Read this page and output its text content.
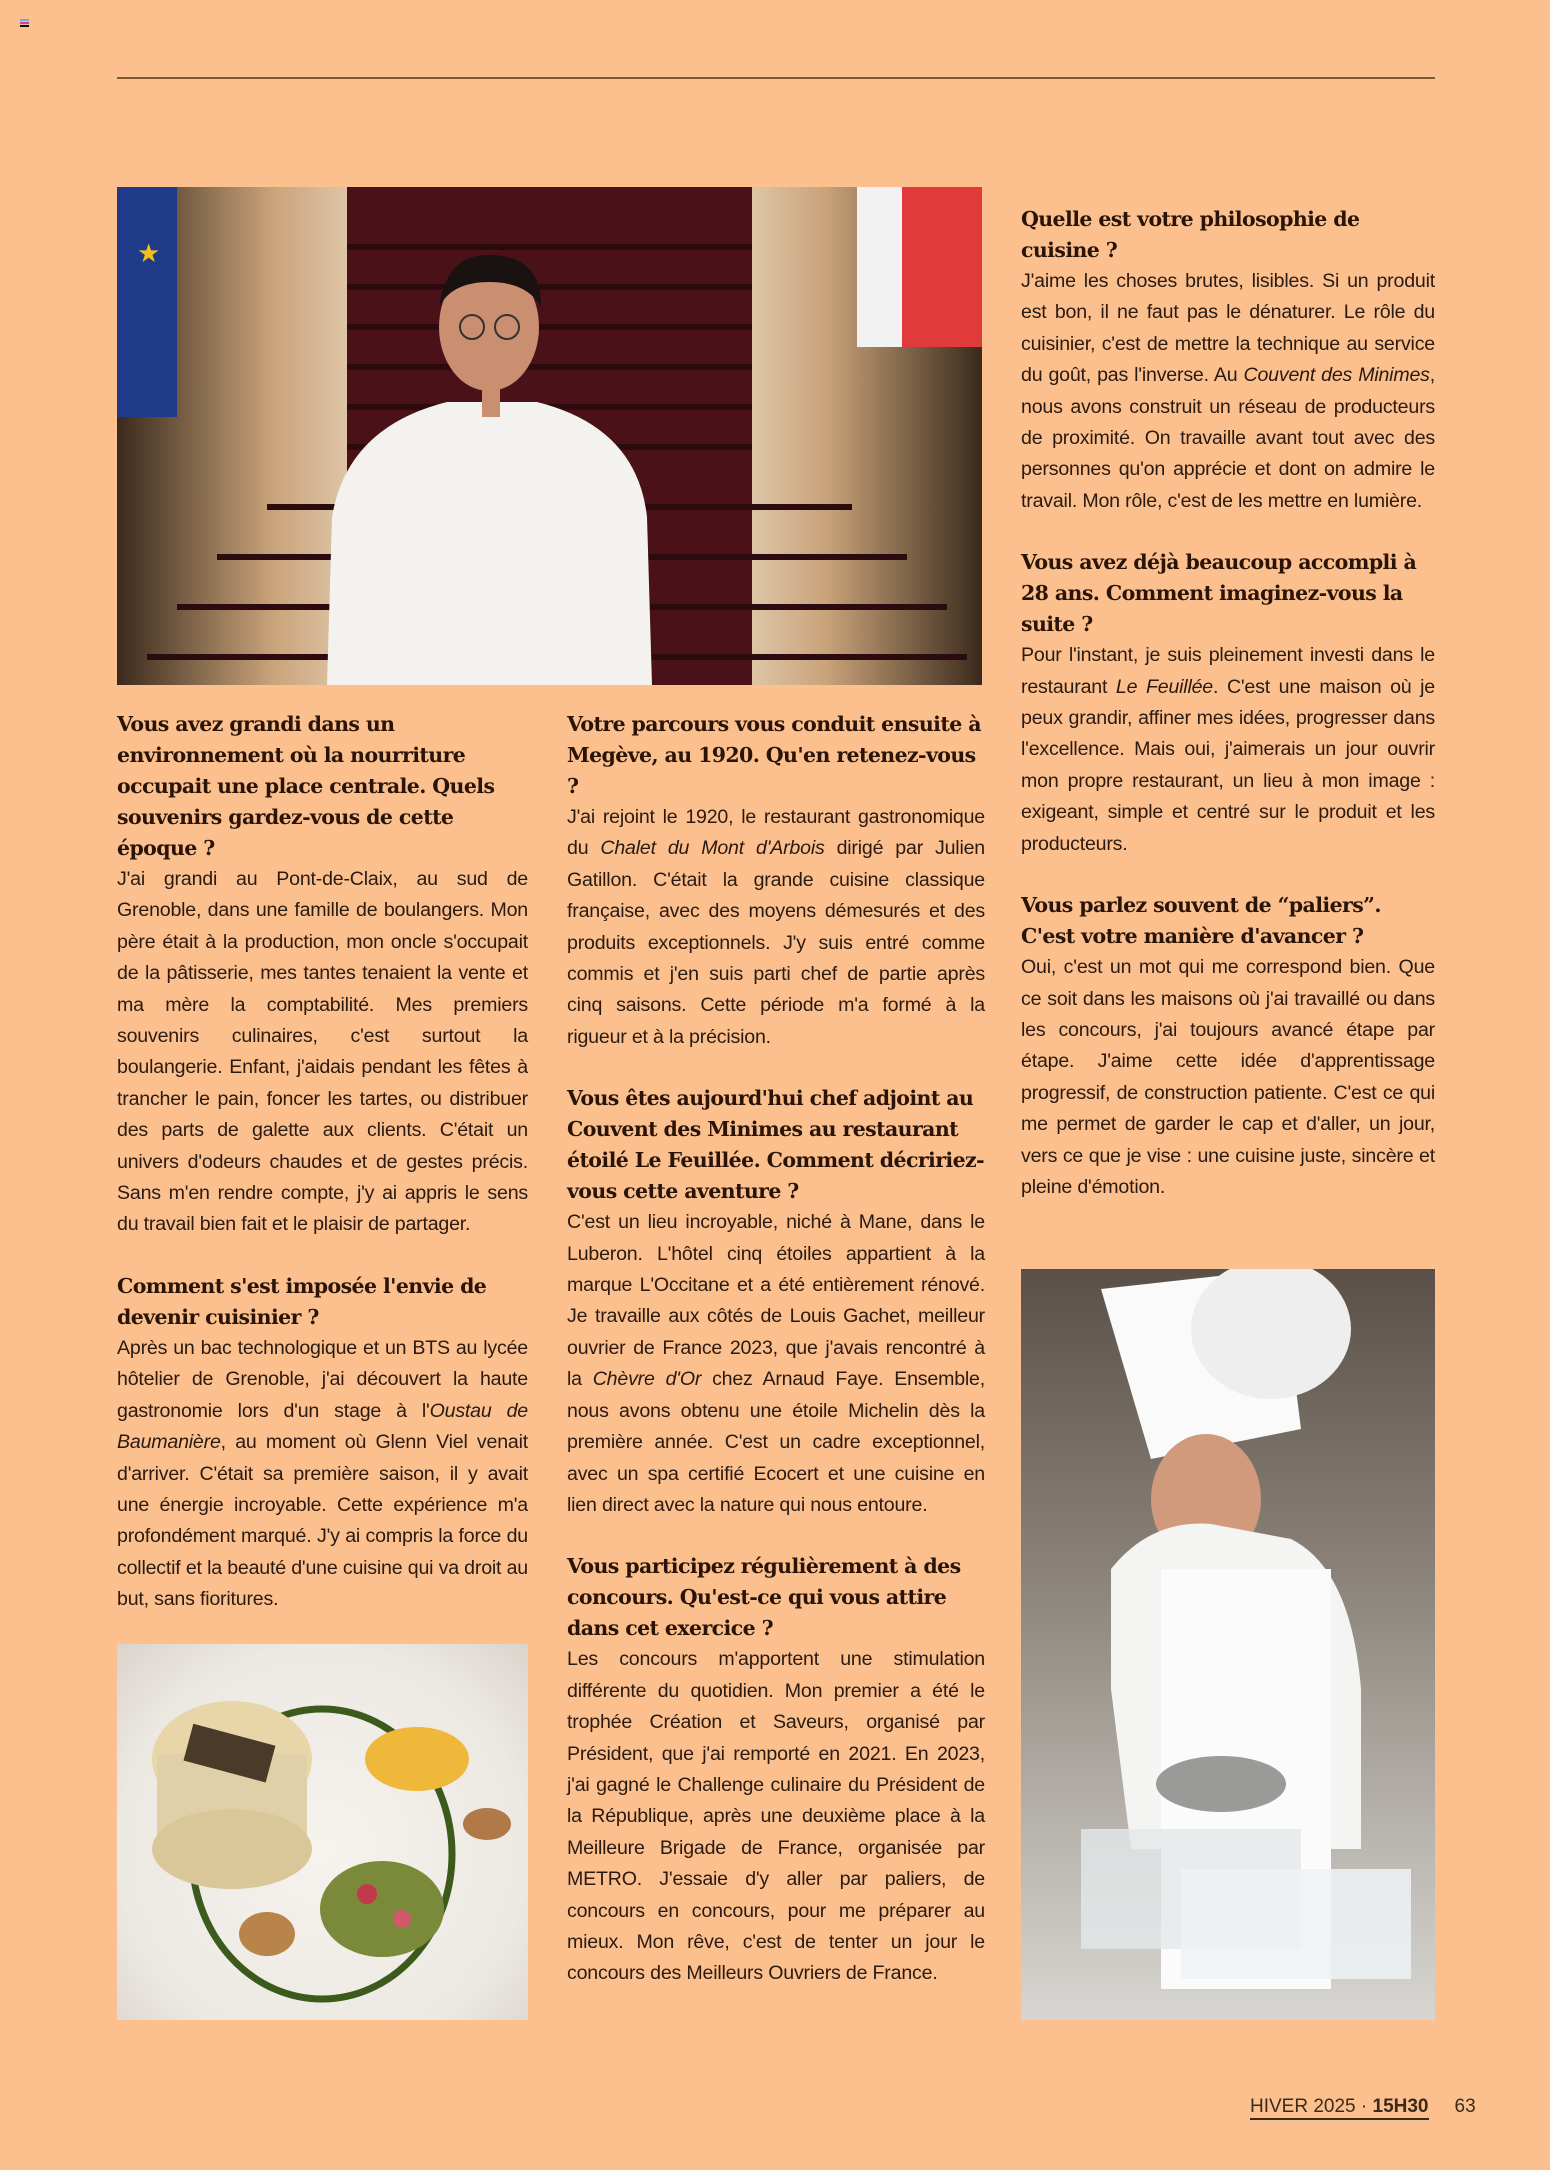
★
Vous avez grandi dans un environnement où la nourriture occupait une place centrale. Quels souvenirs gardez-vous de cette époque ?

J'ai grandi au Pont-de-Claix, au sud de Grenoble, dans une famille de boulangers. Mon père était à la production, mon oncle s'occupait de la pâtisserie, mes tantes tenaient la vente et ma mère la comptabilité. Mes premiers souvenirs culinaires, c'est surtout la boulangerie. Enfant, j'aidais pendant les fêtes à trancher le pain, foncer les tartes, ou distribuer des parts de galette aux clients. C'était un univers d'odeurs chaudes et de gestes précis. Sans m'en rendre compte, j'y ai appris le sens du travail bien fait et le plaisir de partager.

Comment s'est imposée l'envie de devenir cuisinier ?

Après un bac technologique et un BTS au lycée hôtelier de Grenoble, j'ai découvert la haute gastronomie lors d'un stage à l'Oustau de Baumanière, au moment où Glenn Viel venait d'arriver. C'était sa première saison, il y avait une énergie incroyable. Cette expérience m'a profondément marqué. J'y ai compris la force du collectif et la beauté d'une cuisine qui va droit au but, sans fioritures.

Votre parcours vous conduit ensuite à Megève, au 1920. Qu'en retenez-vous ?

J'ai rejoint le 1920, le restaurant gastronomique du Chalet du Mont d'Arbois dirigé par Julien Gatillon. C'était la grande cuisine classique française, avec des moyens démesurés et des produits exceptionnels. J'y suis entré comme commis et j'en suis parti chef de partie après cinq saisons. Cette période m'a formé à la rigueur et à la précision.

Vous êtes aujourd'hui chef adjoint au Couvent des Minimes au restaurant étoilé Le Feuillée. Comment décririez-vous cette aventure ?

C'est un lieu incroyable, niché à Mane, dans le Luberon. L'hôtel cinq étoiles appartient à la marque L'Occitane et a été entièrement rénové. Je travaille aux côtés de Louis Gachet, meilleur ouvrier de France 2023, que j'avais rencontré à la Chèvre d'Or chez Arnaud Faye. Ensemble, nous avons obtenu une étoile Michelin dès la première année. C'est un cadre exceptionnel, avec un spa certifié Ecocert et une cuisine en lien direct avec la nature qui nous entoure.

Vous participez régulièrement à des concours. Qu'est-ce qui vous attire dans cet exercice ?

Les concours m'apportent une stimulation différente du quotidien. Mon premier a été le trophée Création et Saveurs, organisé par Président, que j'ai remporté en 2021. En 2023, j'ai gagné le Challenge culinaire du Président de la République, après une deuxième place à la Meilleure Brigade de France, organisée par METRO. J'essaie d'y aller par paliers, de concours en concours, pour me préparer au mieux. Mon rêve, c'est de tenter un jour le concours des Meilleurs Ouvriers de France.

Quelle est votre philosophie de cuisine ?

J'aime les choses brutes, lisibles. Si un produit est bon, il ne faut pas le dénaturer. Le rôle du cuisinier, c'est de mettre la technique au service du goût, pas l'inverse. Au Couvent des Minimes, nous avons construit un réseau de producteurs de proximité. On travaille avant tout avec des personnes qu'on apprécie et dont on admire le travail. Mon rôle, c'est de les mettre en lumière.

Vous avez déjà beaucoup accompli à 28 ans. Comment imaginez-vous la suite ?

Pour l'instant, je suis pleinement investi dans le restaurant Le Feuillée. C'est une maison où je peux grandir, affiner mes idées, progresser dans l'excellence. Mais oui, j'aimerais un jour ouvrir mon propre restaurant, un lieu à mon image : exigeant, simple et centré sur le produit et les producteurs.

Vous parlez souvent de “paliers”. C'est votre manière d'avancer ?

Oui, c'est un mot qui me correspond bien. Que ce soit dans les maisons où j'ai travaillé ou dans les concours, j'ai toujours avancé étape par étape. J'aime cette idée d'apprentissage progressif, de construction patiente. C'est ce qui me permet de garder le cap et d'aller, un jour, vers ce que je vise : une cuisine juste, sincère et pleine d'émotion.

HIVER 2025 · 15H30 63
